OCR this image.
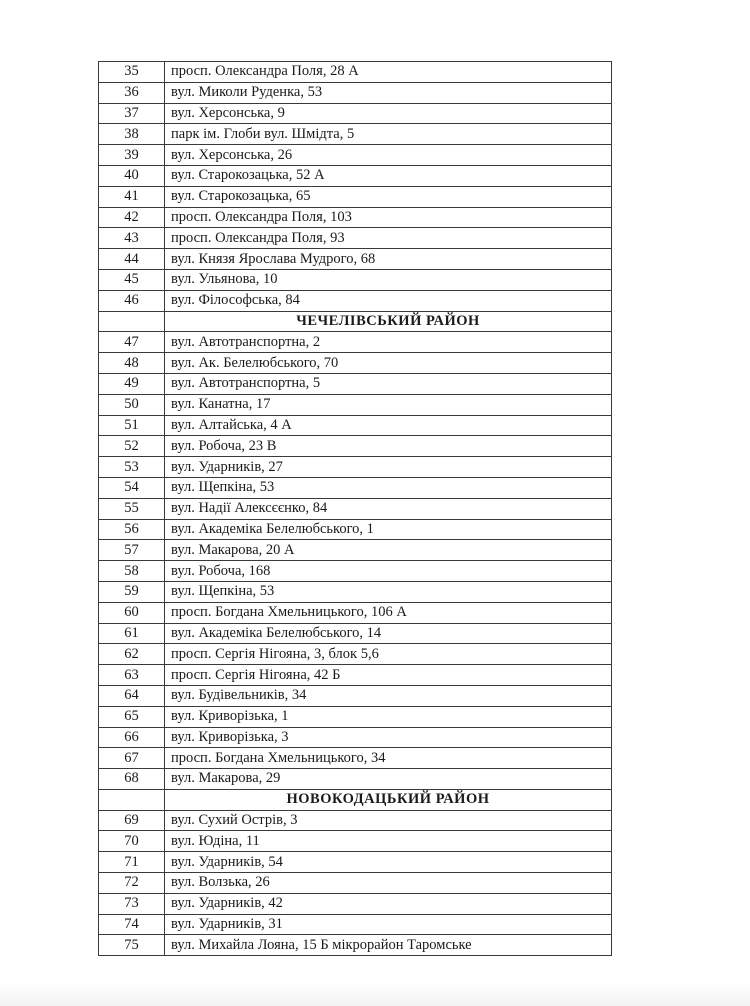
35	просп. Олександра Поля, 28 А
36	вул. Миколи Руденка, 53
37	вул. Херсонська, 9
38	парк ім. Глоби вул. Шмідта, 5
39	вул. Херсонська, 26
40	вул. Старокозацька, 52 А
41	вул. Старокозацька, 65
42	просп. Олександра Поля, 103
43	просп. Олександра Поля, 93
44	вул. Князя Ярослава Мудрого, 68
45	вул. Ульянова, 10
46	вул. Філософська, 84
	ЧЕЧЕЛІВСЬКИЙ РАЙОН
47	вул. Автотранспортна, 2
48	вул. Ак. Белелюбського, 70
49	вул. Автотранспортна, 5
50	вул. Канатна, 17
51	вул. Алтайська, 4 А
52	вул. Робоча, 23 В
53	вул. Ударників, 27
54	вул. Щепкіна, 53
55	вул. Надії Алексєєнко, 84
56	вул. Академіка Белелюбського, 1
57	вул. Макарова, 20 А
58	вул. Робоча, 168
59	вул. Щепкіна, 53
60	просп. Богдана Хмельницького, 106 А
61	вул. Академіка Белелюбського, 14
62	просп. Сергія Нігояна, 3, блок 5,6
63	просп. Сергія Нігояна, 42 Б
64	вул. Будівельників, 34
65	вул. Криворізька, 1
66	вул. Криворізька, 3
67	просп. Богдана Хмельницького, 34
68	вул. Макарова, 29
	НОВОКОДАЦЬКИЙ РАЙОН
69	вул. Сухий Острів, 3
70	вул. Юдіна, 11
71	вул. Ударників, 54
72	вул. Волзька, 26
73	вул. Ударників, 42
74	вул. Ударників, 31
75	вул. Михайла Лояна, 15 Б мікрорайон Таромське
